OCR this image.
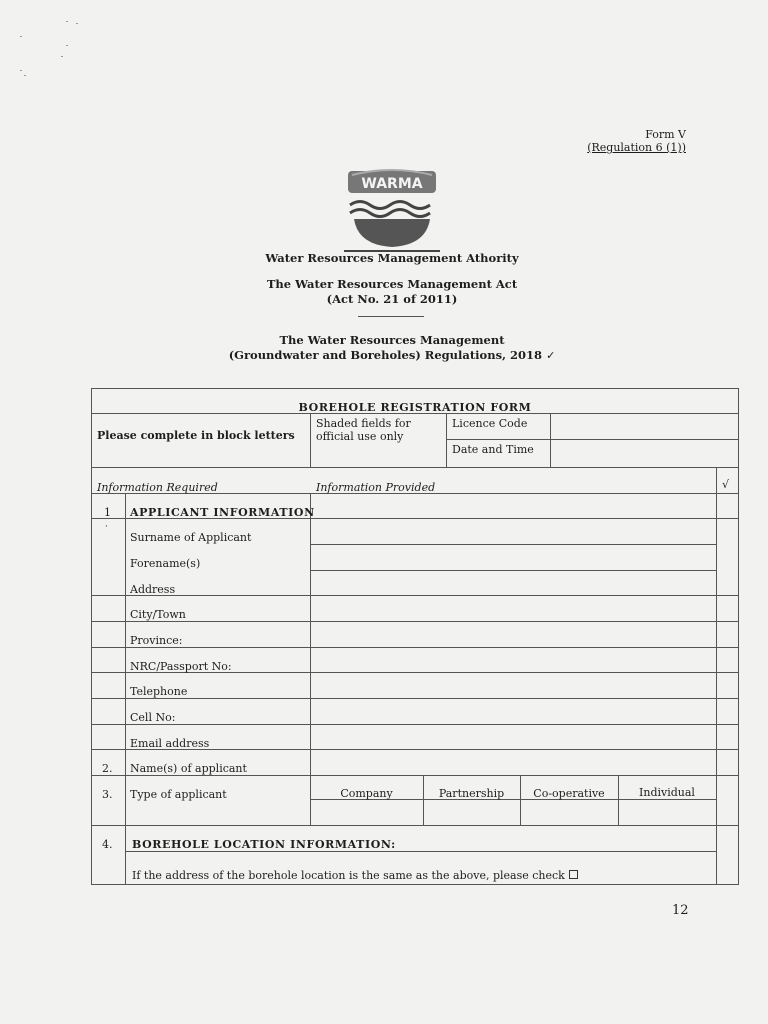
Form V
(Regulation 6 (1))
WARMA
Water Resources Management Athority
The Water Resources Management Act
(Act No. 21 of 2011)
The Water Resources Management
(Groundwater and Boreholes) Regulations, 2018 ✓
BOREHOLE REGISTRATION FORM
Please complete in block letters
Shaded fields for
official use only
Licence Code
Date and Time
Information Required	Information Provided	√
1 APPLICANT INFORMATION
·
Surname of Applicant
Forename(s)
Address
City/Town
Province:
NRC/Passport No:
Telephone
Cell No:
Email address
2. Name(s) of applicant
3. Type of applicant	Company	Partnership	Co-operative	Individual
4. BOREHOLE LOCATION INFORMATION:
If the address of the borehole location is the same as the above, please check
12
